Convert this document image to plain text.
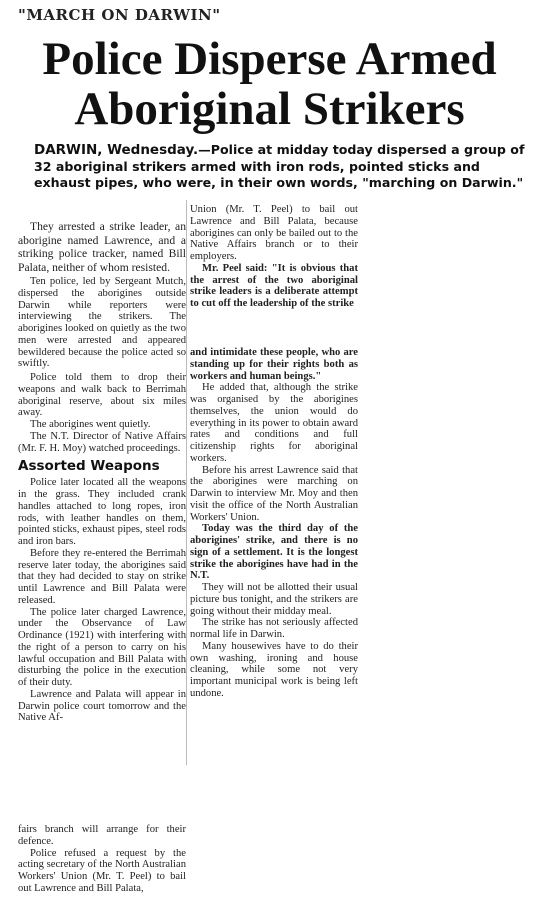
"MARCH ON DARWIN"
Police Disperse Armed
Aboriginal Strikers
DARWIN, Wednesday.—Police at midday today dispersed a group of 32 aboriginal strikers armed with iron rods, pointed sticks and exhaust pipes, who were, in their own words, "marching on Darwin."

They arrested a strike leader, an aborigine named Lawrence, and a striking police tracker, named Bill Palata, neither of whom resisted.

Ten police, led by Sergeant Mutch, dispersed the aborigines outside Darwin while reporters were interviewing the strikers. The aborigines looked on quietly as the two men were arrested and appeared bewildered because the police acted so swiftly.

Police told them to drop their weapons and walk back to Berrimah aboriginal reserve, about six miles away.

The aborigines went quietly.

The N.T. Director of Native Affairs (Mr. F. H. Moy) watched proceedings.

Assorted Weapons

Police later located all the weapons in the grass. They included crank handles attached to long ropes, iron rods, with leather handles on them, pointed sticks, exhaust pipes, steel rods and iron bars.

Before they re-entered the Berrimah reserve later today, the aborigines said that they had decided to stay on strike until Lawrence and Bill Palata were released.

The police later charged Lawrence, under the Observance of Law Ordinance (1921) with interfering with the right of a person to carry on his lawful occupation and Bill Palata with disturbing the police in the execution of their duty.

Lawrence and Palata will appear in Darwin police court tomorrow and the Native Af-

fairs branch will arrange for their defence.

Police refused a request by the acting secretary of the North Australian Workers' Union (Mr. T. Peel) to bail out Lawrence and Bill Palata,

Union (Mr. T. Peel) to bail out Lawrence and Bill Palata, because aborigines can only be bailed out to the Native Affairs branch or to their employers.

Mr. Peel said: "It is obvious that the arrest of the two aboriginal strike leaders is a deliberate attempt to cut off the leadership of the strike

and intimidate these people, who are standing up for their rights both as workers and human beings."

He added that, although the strike was organised by the aborigines themselves, the union would do everything in its power to obtain award rates and conditions and full citizenship rights for aboriginal workers.

Before his arrest Lawrence said that the aborigines were marching on Darwin to interview Mr. Moy and then visit the office of the North Australian Workers' Union.

Today was the third day of the aborigines' strike, and there is no sign of a settlement. It is the longest strike the aborigines have had in the N.T.

They will not be allotted their usual picture bus tonight, and the strikers are going without their midday meal.

The strike has not seriously affected normal life in Darwin.

Many housewives have to do their own washing, ironing and house cleaning, while some not very important municipal work is being left undone.
